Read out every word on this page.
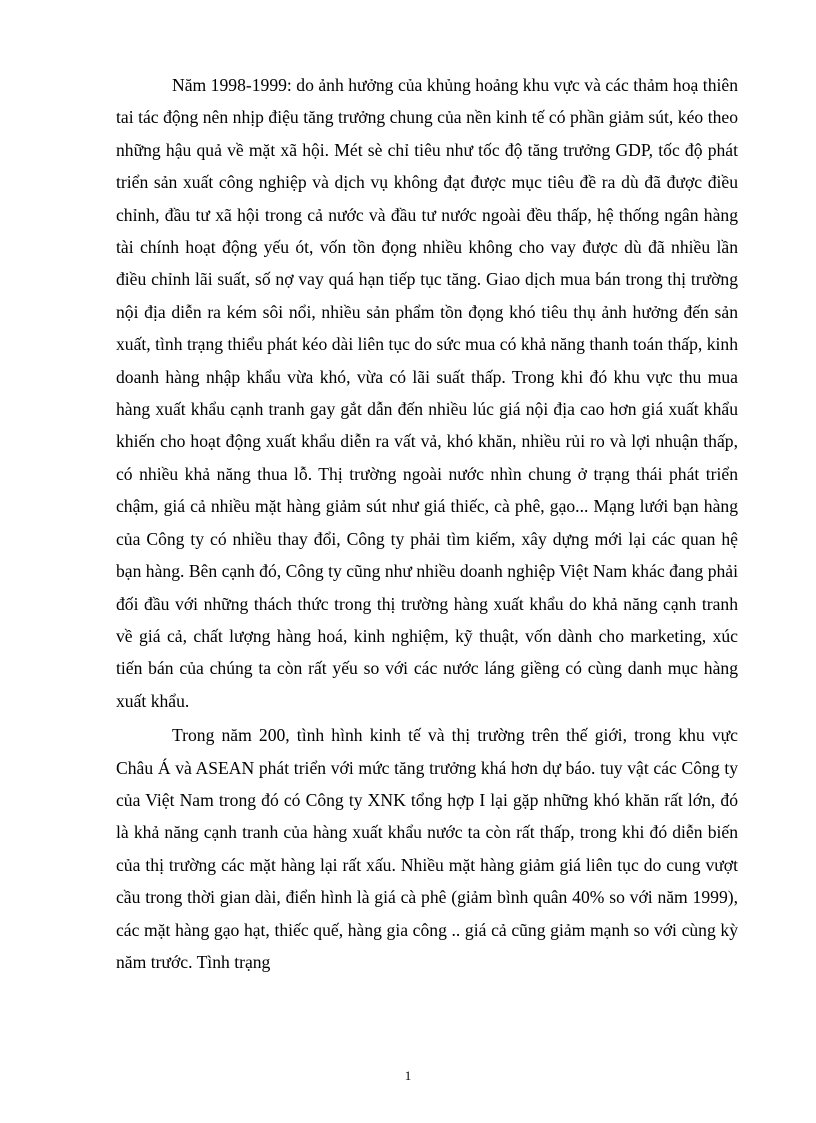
Năm 1998-1999: do ảnh hưởng của khủng hoảng khu vực và các thảm hoạ thiên tai tác động nên nhịp điệu tăng trưởng chung của nền kinh tế có phần giảm sút, kéo theo những hậu quả về mặt xã hội. Mét sè chỉ tiêu như tốc độ tăng trưởng GDP, tốc độ phát triển sản xuất công nghiệp và dịch vụ không đạt được mục tiêu đề ra dù đã được điều chỉnh, đầu tư xã hội trong cả nước và đầu tư nước ngoài đều thấp, hệ thống ngân hàng tài chính hoạt động yếu ót, vốn tồn đọng nhiều không cho vay được dù đã nhiều lần điều chỉnh lãi suất, số nợ vay quá hạn tiếp tục tăng. Giao dịch mua bán trong thị trường nội địa diễn ra kém sôi nổi, nhiều sản phẩm tồn đọng khó tiêu thụ ảnh hưởng đến sản xuất, tình trạng thiểu phát kéo dài liên tục do sức mua có khả năng thanh toán thấp, kinh doanh hàng nhập khẩu vừa khó, vừa có lãi suất thấp. Trong khi đó khu vực thu mua hàng xuất khẩu cạnh tranh gay gắt dẫn đến nhiều lúc giá nội địa cao hơn giá xuất khẩu khiến cho hoạt động xuất khẩu diễn ra vất vả, khó khăn, nhiều rủi ro và lợi nhuận thấp, có nhiều khả năng thua lỗ. Thị trường ngoài nước nhìn chung ở trạng thái phát triển chậm, giá cả nhiều mặt hàng giảm sút như giá thiếc, cà phê, gạo... Mạng lưới bạn hàng của Công ty có nhiều thay đổi, Công ty phải tìm kiếm, xây dựng mới lại các quan hệ bạn hàng. Bên cạnh đó, Công ty cũng như nhiều doanh nghiệp Việt Nam khác đang phải đối đầu với những thách thức trong thị trường hàng xuất khẩu do khả năng cạnh tranh về giá cả, chất lượng hàng hoá, kinh nghiệm, kỹ thuật, vốn dành cho marketing, xúc tiến bán của chúng ta còn rất yếu so với các nước láng giềng có cùng danh mục hàng xuất khẩu.

Trong năm 200, tình hình kinh tế và thị trường trên thế giới, trong khu vực Châu Á và ASEAN phát triển với mức tăng trưởng khá hơn dự báo. tuy vật các Công ty của Việt Nam trong đó có Công ty XNK tổng hợp I lại gặp những khó khăn rất lớn, đó là khả năng cạnh tranh của hàng xuất khẩu nước ta còn rất thấp, trong khi đó diễn biến của thị trường các mặt hàng lại rất xấu. Nhiều mặt hàng giảm giá liên tục do cung vượt cầu trong thời gian dài, điển hình là giá cà phê (giảm bình quân 40% so với năm 1999), các mặt hàng gạo hạt, thiếc quế, hàng gia công .. giá cả cũng giảm mạnh so với cùng kỳ năm trước. Tình trạng

1
